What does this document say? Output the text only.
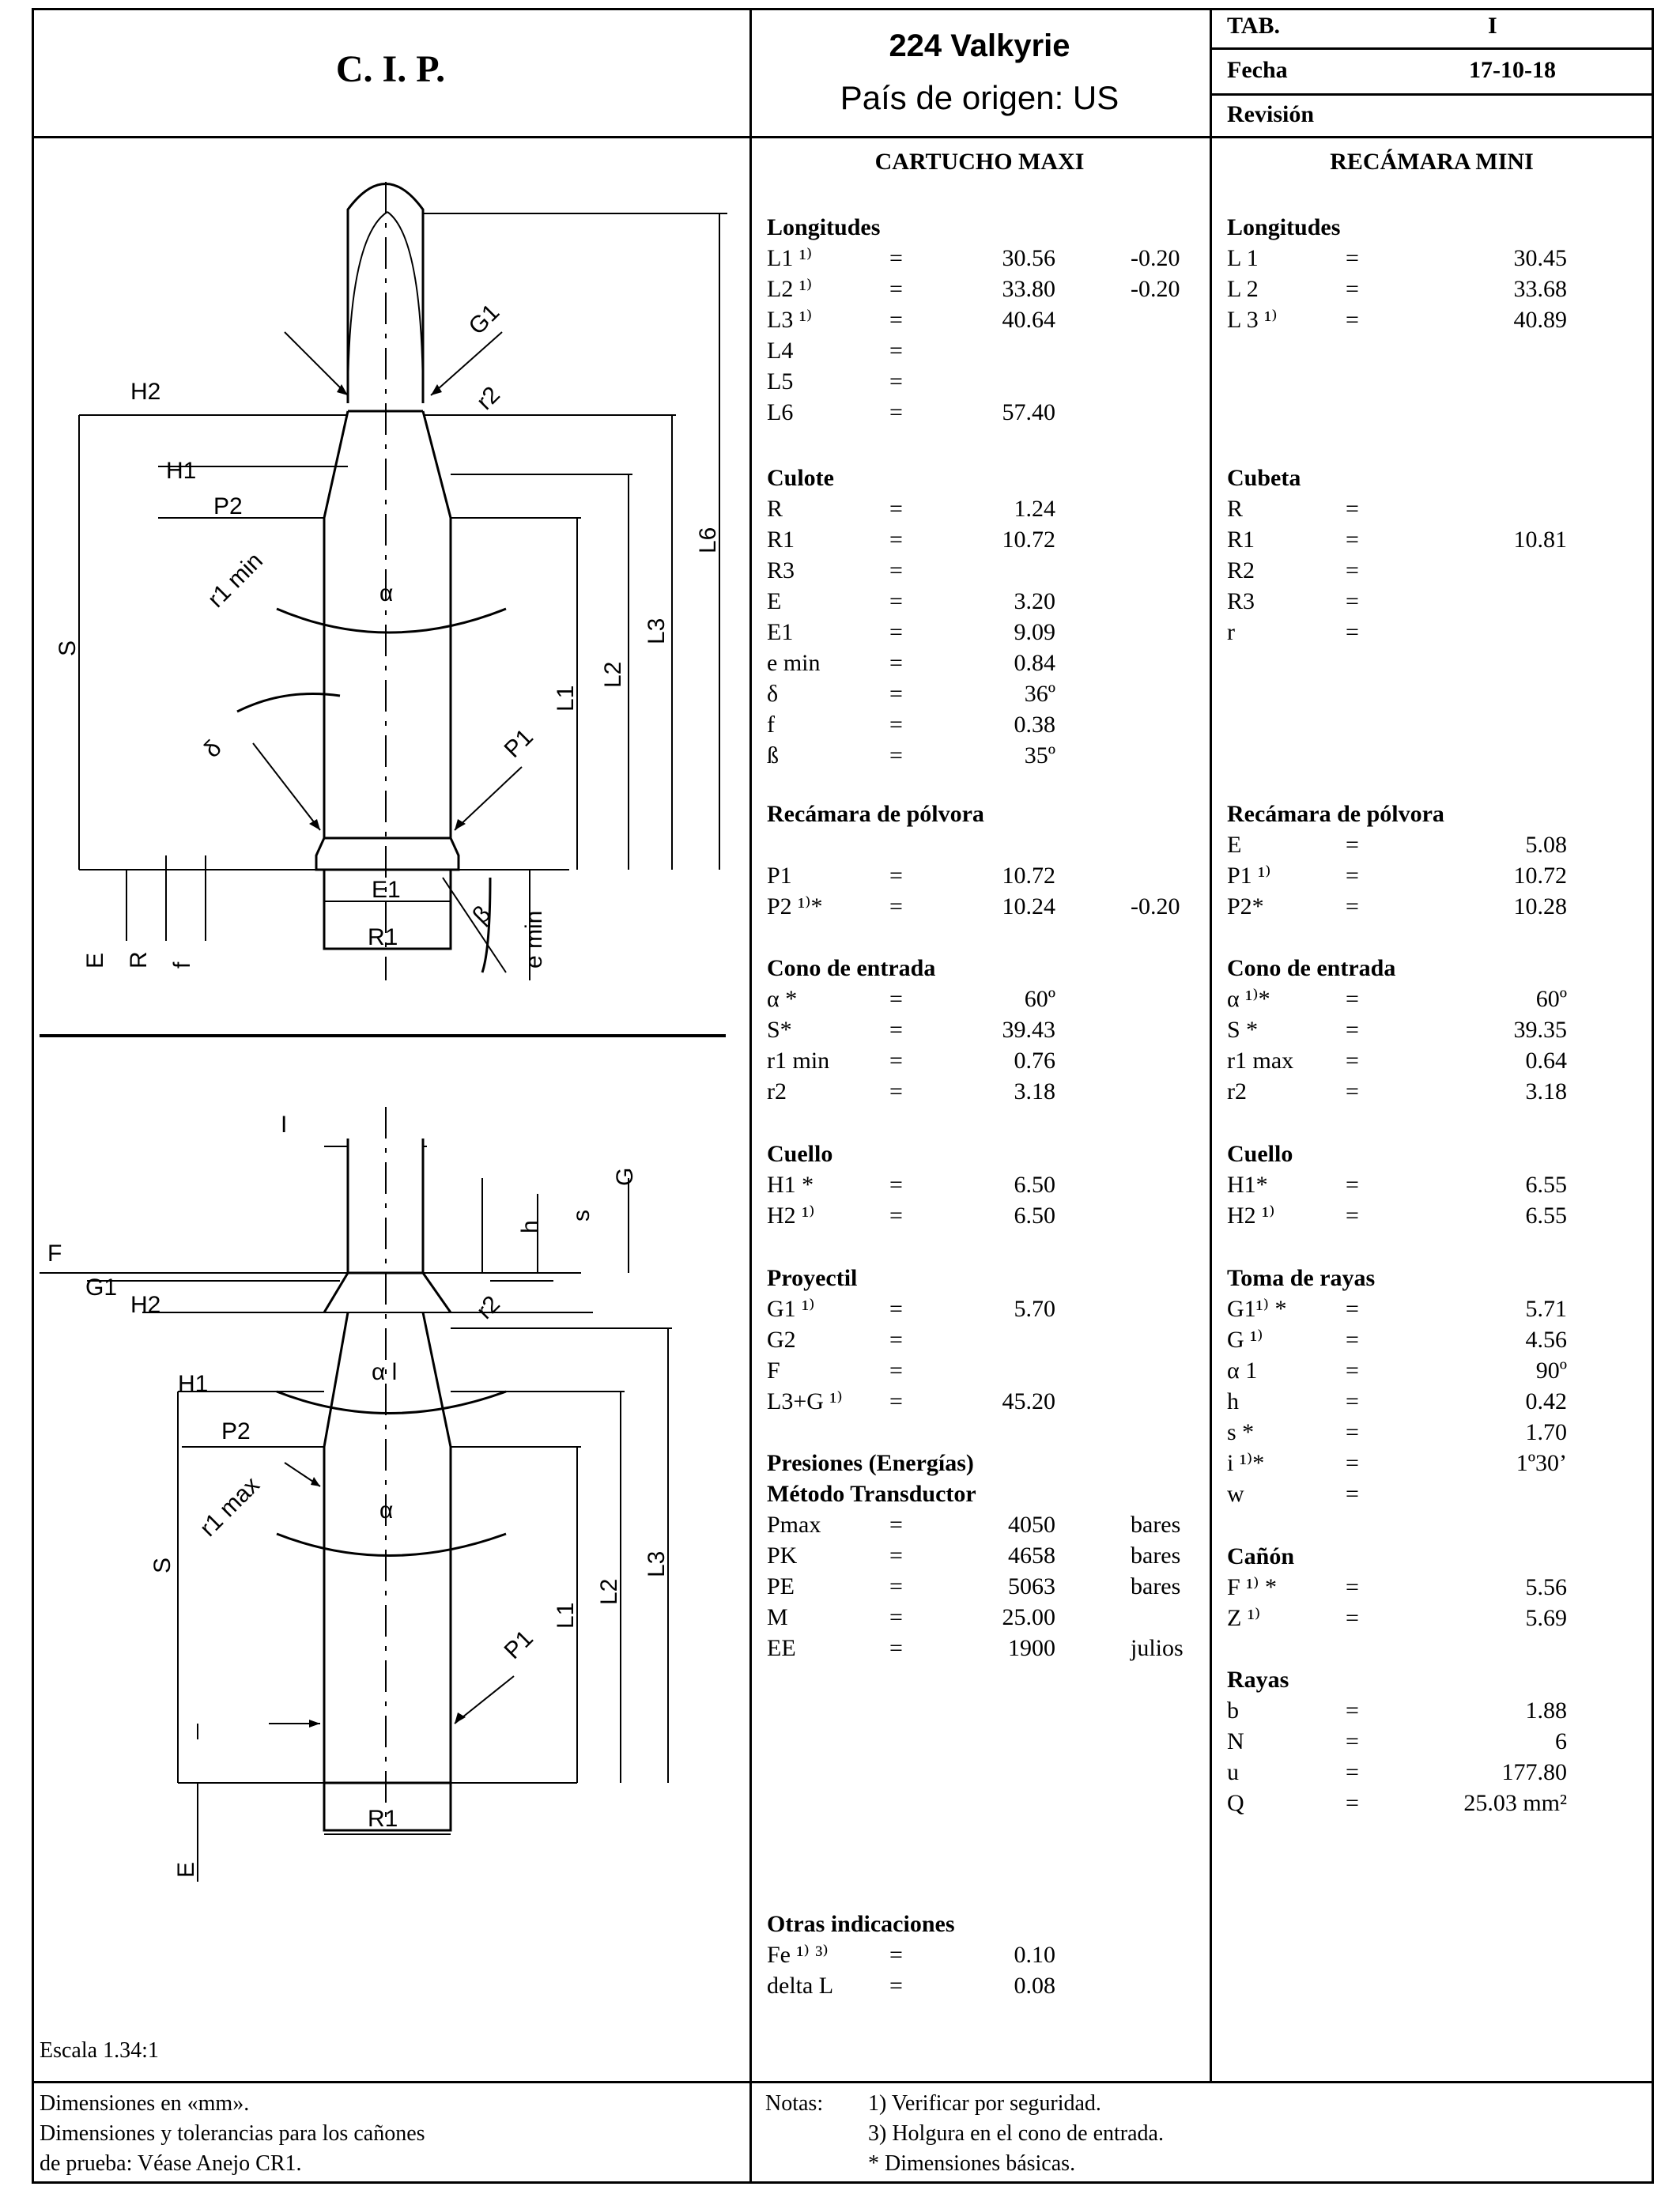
C. I. P.
224 Valkyrie
País de origen: US
TAB.	I
Fecha	17-10-18
Revisión
CARTUCHO MAXI	RECÁMARA MINI
Longitudes
L1 ¹⁾	=	30.56	-0.20
L2 ¹⁾	=	33.80	-0.20
L3 ¹⁾	=	40.64
L4	=
L5	=
L6	=	57.40
Culote
R	=	1.24
R1	=	10.72
R3	=
E	=	3.20
E1	=	9.09
e min	=	0.84
δ	=	36º
f	=	0.38
ß	=	35º
Recámara de pólvora
P1	=	10.72
P2 ¹⁾*	=	10.24	-0.20
Cono de entrada
α *	=	60º
S*	=	39.43
r1 min	=	0.76
r2	=	3.18
Cuello
H1 *	=	6.50
H2 ¹⁾	=	6.50
Proyectil
G1 ¹⁾	=	5.70
G2	=
F	=
L3+G ¹⁾ =	45.20
Presiones (Energías)
Método Transductor
Pmax	=	4050	bares
PK	=	4658	bares
PE	=	5063	bares
M	=	25.00
EE	=	1900	julios
Otras indicaciones
Fe ¹⁾ ³⁾	=	0.10
delta L =	0.08
Longitudes
L 1	=	30.45
L 2	=	33.68
L 3 ¹⁾	=	40.89
Cubeta
R	=
R1	=	10.81
R2	=
R3	=
r	=
Recámara de pólvora
E	=	5.08
P1 ¹⁾	=	10.72
P2*	=	10.28
Cono de entrada
α ¹⁾*	=	60º
S *	=	39.35
r1 max =	0.64
r2	=	3.18
Cuello
H1*	=	6.55
H2 ¹⁾	=	6.55
Toma de rayas
G1¹⁾ * =	5.71
G ¹⁾	=	4.56
α 1	=	90º
h	=	0.42
s *	=	1.70
i ¹⁾*	=	1º30’
w	=
Cañón
F ¹⁾ *	=	5.56
Z ¹⁾	=	5.69
Rayas
b	=	1.88
N	=	6
u	=	177.80
Q	=	25.03 mm²
H2
H1
P2
r1 min	α
G1
r2
S
L6
L3
L2
L1
δ	P1
E1
R1
E R f
β e min
I
G
h
s
F
G1
H2	r2
H1	α l
P2
r1 max	α
S	L3
L2
L1
P1
R1
E
Escala 1.34:1
Dimensiones en «mm».
Dimensiones y tolerancias para los cañones
de prueba: Véase Anejo CR1.
Notas: 1) Verificar por seguridad.
3) Holgura en el cono de entrada.
* Dimensiones básicas.
